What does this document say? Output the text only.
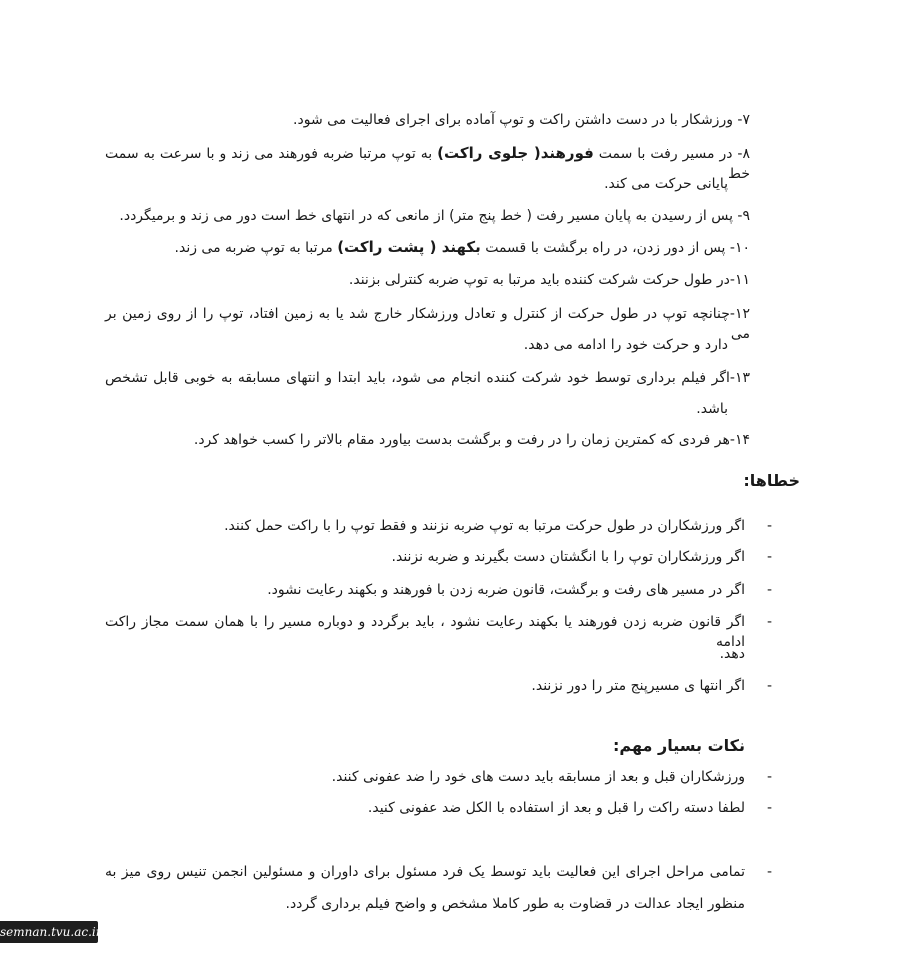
۷- ورزشکار با در دست داشتن راکت و توپ آماده برای اجرای فعالیت می شود.
۸- در مسیر رفت با سمت فورهند( جلوی راکت) به توپ مرتبا ضربه فورهند می زند و با سرعت به سمت خط
پایانی حرکت می کند.
۹- پس از رسیدن به پایان مسیر رفت ( خط پنج متر) از مانعی که در انتهای خط است دور می زند و برمیگردد.
۱۰- پس از دور زدن، در راه برگشت با قسمت بکهند ( پشت راکت) مرتبا به توپ ضربه می زند.
۱۱-در طول حرکت شرکت کننده باید مرتبا به توپ ضربه کنترلی بزنند.
۱۲-چنانچه توپ در طول حرکت از کنترل و تعادل ورزشکار خارج شد یا به زمین افتاد، توپ را از روی زمین بر می
دارد و حرکت خود را ادامه می دهد.
۱۳-اگر فیلم برداری توسط خود شرکت کننده انجام می شود، باید ابتدا و انتهای مسابقه به خوبی قابل تشخص
باشد.
۱۴-هر فردی که کمترین زمان را در رفت و برگشت بدست بیاورد مقام بالاتر را کسب خواهد کرد.
خطاها:
-
اگر ورزشکاران در طول حرکت مرتبا به توپ ضربه نزنند و فقط توپ را با راکت حمل کنند.
-
اگر ورزشکاران توپ را با انگشتان دست بگیرند و ضربه نزنند.
-
اگر در مسیر های رفت و برگشت، قانون ضربه زدن با فورهند و بکهند رعایت نشود.
-
اگر قانون ضربه زدن فورهند یا بکهند رعایت نشود ، باید برگردد و دوباره مسیر را با همان سمت مجاز راکت ادامه
دهد.
-
اگر انتها ی مسیرپنج متر را دور نزنند.
نکات بسیار مهم:
-
ورزشکاران قبل و بعد از مسابقه باید دست های خود را ضد عفونی کنند.
-
لطفا دسته راکت را قبل و بعد از استفاده با الکل ضد عفونی کنید.
-
تمامی مراحل اجرای این فعالیت باید توسط یک فرد مسئول برای داوران و مسئولین انجمن تنیس روی میز به
منظور ایجاد عدالت در قضاوت به طور کاملا مشخص و واضح فیلم برداری گردد.
semnan.tvu.ac.ir
